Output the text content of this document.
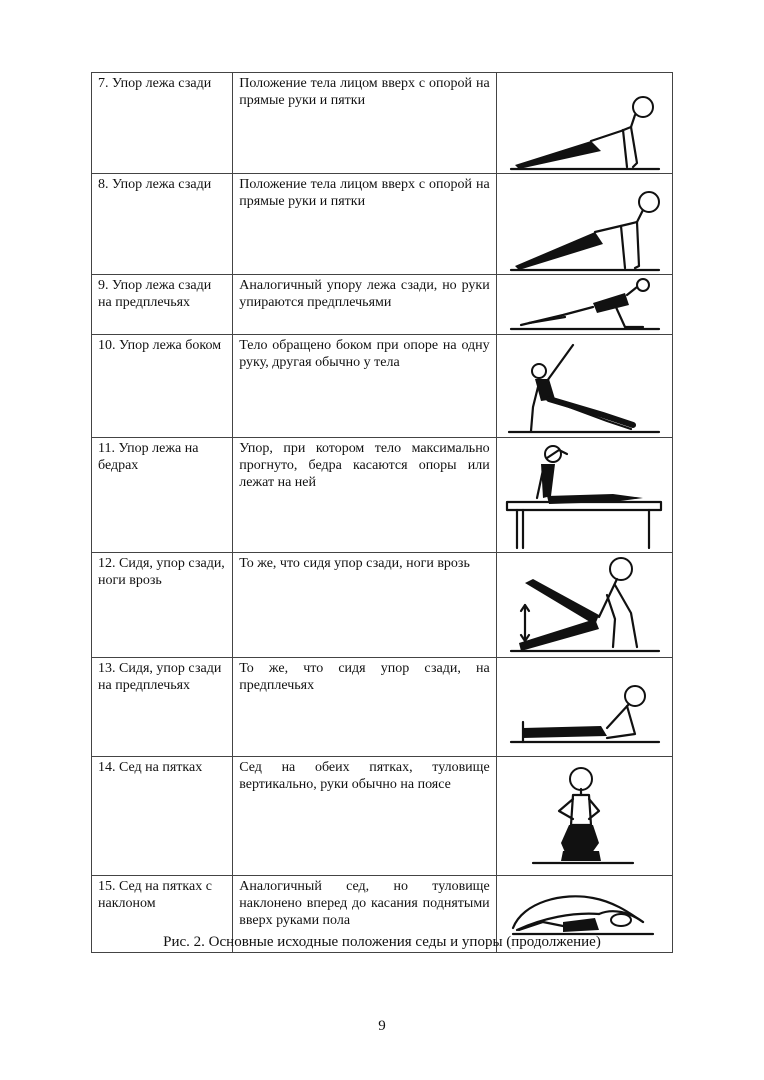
7. Упор лежа сзади	Положение тела лицом вверх с опорой на прямые руки и пятки	

8. Упор лежа сзади	Положение тела лицом вверх с опорой на прямые руки и пятки	

9. Упор лежа сзади на предплечьях	Аналогичный упору лежа сзади, но руки упираются предплечьями	

10. Упор лежа боком	Тело обращено боком при опоре на одну руку, другая обычно у тела	

11. Упор лежа на бедрах	Упор, при котором тело максимально прогнуто, бедра касаются опоры или лежат на ней	

12. Сидя, упор сзади, ноги врозь	То же, что сидя упор сзади, ноги врозь	

13. Сидя, упор сзади на предплечьях	То же, что сидя упор сзади, на предплечьях	

14. Сед на пятках	Сед на обеих пятках, туловище вертикально, руки обычно на поясе	

15. Сед на пятках с наклоном	Аналогичный сед, но туловище наклонено вперед до касания поднятыми вверх руками пола	
Рис. 2. Основные исходные положения седы и упоры (продолжение)
9
